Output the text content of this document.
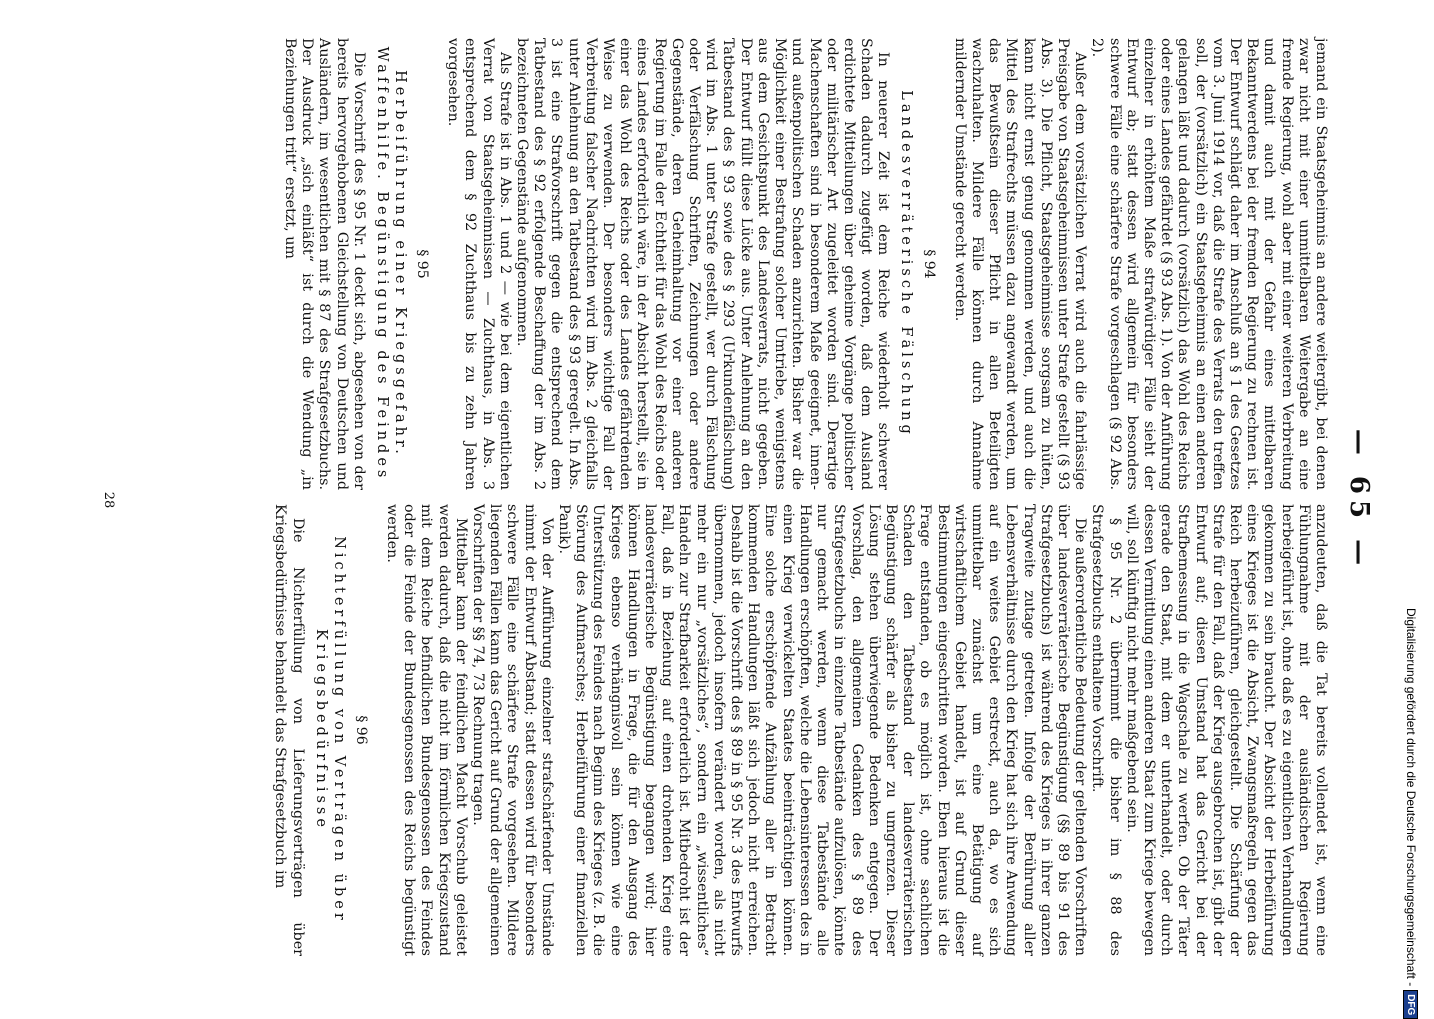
— 65 —

jemand ein Staatsgeheimnis an andere weitergibt, bei denen zwar nicht mit einer unmittelbaren Weitergabe an eine fremde Regierung, wohl aber mit einer weiteren Verbreitung und damit auch mit der Gefahr eines mittelbaren Bekanntwerdens bei der fremden Regierung zu rechnen ist. Der Entwurf schlägt daher im Anschluß an § 1 des Gesetzes vom 3. Juni 1914 vor, daß die Strafe des Verrats den treffen soll, der (vorsätzlich) ein Staatsgeheimnis an einen anderen gelangen läßt und dadurch (vorsätzlich) das Wohl des Reichs oder eines Landes gefährdet (§ 93 Abs. 1). Von der Anführung einzelner in erhöhtem Maße strafwürdiger Fälle sieht der Entwurf ab; statt dessen wird allgemein für besonders schwere Fälle eine schärfere Strafe vorgeschlagen (§ 92 Abs. 2).

Außer dem vorsätzlichen Verrat wird auch die fahrlässige Preisgabe von Staatsgeheimnissen unter Strafe gestellt (§ 93 Abs. 3). Die Pflicht, Staatsgeheimnisse sorgsam zu hüten, kann nicht ernst genug genommen werden, und auch die Mittel des Strafrechts müssen dazu angewandt werden, um das Bewußtsein dieser Pflicht in allen Beteiligten wachzuhalten. Mildere Fälle können durch Annahme mildernder Umstände gerecht werden.

§ 94
Landesverräterische Fälschung

In neuerer Zeit ist dem Reiche wiederholt schwerer Schaden dadurch zugefügt worden, daß dem Ausland erdichtete Mitteilungen über geheime Vorgänge politischer oder militärischer Art zugeleitet worden sind. Derartige Machenschaften sind in besonderem Maße geeignet, innen- und außenpolitischen Schaden anzurichten. Bisher war die Möglichkeit einer Bestrafung solcher Umtriebe, wenigstens aus dem Gesichtspunkt des Landesverrats, nicht gegeben. Der Entwurf füllt diese Lücke aus. Unter Anlehnung an den Tatbestand des § 93 sowie des § 293 (Urkundenfälschung) wird im Abs. 1 unter Strafe gestellt, wer durch Fälschung oder Verfälschung Schriften, Zeichnungen oder andere Gegenstände, deren Geheimhaltung vor einer anderen Regierung im Falle der Echtheit für das Wohl des Reichs oder eines Landes erforderlich wäre, in der Absicht herstellt, sie in einer das Wohl des Reichs oder des Landes gefährdenden Weise zu verwenden. Der besonders wichtige Fall der Verbreitung falscher Nachrichten wird im Abs. 2 gleichfalls unter Anlehnung an den Tatbestand des § 93 geregelt. In Abs. 3 ist eine Strafvorschrift gegen die entsprechend dem Tatbestand des § 92 erfolgende Beschaffung der im Abs. 2 bezeichneten Gegenstände aufgenommen.

Als Strafe ist in Abs. 1 und 2 — wie bei dem eigentlichen Verrat von Staatsgeheimnissen — Zuchthaus, in Abs. 3 entsprechend dem § 92 Zuchthaus bis zu zehn Jahren vorgesehen.

§ 95
Herbeiführung einer Kriegsgefahr. Waffenhilfe. Begünstigung des Feindes

Die Vorschrift des § 95 Nr. 1 deckt sich, abgesehen von der bereits hervorgehobenen Gleichstellung von Deutschen und Ausländern, im wesentlichen mit § 87 des Strafgesetzbuchs. Der Ausdruck „sich einläßt“ ist durch die Wendung „in Beziehungen tritt“ ersetzt, um

anzudeuten, daß die Tat bereits vollendet ist, wenn eine Fühlungnahme mit der ausländischen Regierung herbeigeführt ist, ohne daß es zu eigentlichen Verhandlungen gekommen zu sein braucht. Der Absicht der Herbeiführung eines Krieges ist die Absicht, Zwangsmaßregeln gegen das Reich herbeizuführen, gleichgestellt. Die Schärfung der Strafe für den Fall, daß der Krieg ausgebrochen ist, gibt der Entwurf auf; diesen Umstand hat das Gericht bei der Strafbemessung in die Wagschale zu werfen. Ob der Täter gerade den Staat, mit dem er unterhandelt, oder durch dessen Vermittlung einen anderen Staat zum Kriege bewegen will, soll künftig nicht mehr maßgebend sein.

§ 95 Nr. 2 übernimmt die bisher im § 88 des Strafgesetzbuchs enthaltene Vorschrift.

Die außerordentliche Bedeutung der geltenden Vorschriften über landesverräterische Begünstigung (§§ 89 bis 91 des Strafgesetzbuchs) ist während des Krieges in ihrer ganzen Tragweite zutage getreten. Infolge der Berührung aller Lebensverhältnisse durch den Krieg hat sich ihre Anwendung auf ein weites Gebiet erstreckt, auch da, wo es sich unmittelbar zunächst um eine Betätigung auf wirtschaftlichem Gebiet handelt, ist auf Grund dieser Bestimmungen eingeschritten worden. Eben hieraus ist die Frage entstanden, ob es möglich ist, ohne sachlichen Schaden den Tatbestand der landesverräterischen Begünstigung schärfer als bisher zu umgrenzen. Dieser Lösung stehen überwiegende Bedenken entgegen. Der Vorschlag, den allgemeinen Gedanken des § 89 des Strafgesetzbuchs in einzelne Tatbestände aufzulösen, könnte nur gemacht werden, wenn diese Tatbestände alle Handlungen erschöpften, welche die Lebensinteressen des in einen Krieg verwickelten Staates beeinträchtigen können. Eine solche erschöpfende Aufzählung aller in Betracht kommenden Handlungen läßt sich jedoch nicht erreichen. Deshalb ist die Vorschrift des § 89 in § 95 Nr. 3 des Entwurfs übernommen, jedoch insofern verändert worden, als nicht mehr ein nur „vorsätzliches“, sondern ein „wissentliches“ Handeln zur Strafbarkeit erforderlich ist. Mitbedroht ist der Fall, daß in Beziehung auf einen drohenden Krieg eine landesverräterische Begünstigung begangen wird; hier können Handlungen in Frage, die für den Ausgang des Krieges ebenso verhängnisvoll sein können wie eine Unterstützung des Feindes nach Beginn des Krieges (z. B. die Störung des Aufmarsches; Herbeiführung einer finanziellen Panik).

Von der Aufführung einzelner strafschärfender Umstände nimmt der Entwurf Abstand; statt dessen wird für besonders schwere Fälle eine schärfere Strafe vorgesehen. Mildere liegenden Fällen kann das Gericht auf Grund der allgemeinen Vorschriften der §§ 74, 73 Rechnung tragen.

Mittelbar kann der feindlichen Macht Vorschub geleistet werden dadurch, daß die nicht im förmlichen Kriegszustand mit dem Reiche befindlichen Bundesgenossen des Feindes oder die Feinde der Bundesgenossen des Reichs begünstigt werden.

§ 96
Nichterfüllung von Verträgen über Kriegsbedürfnisse

Die Nichterfüllung von Lieferungsverträgen über Kriegsbedürfnisse behandelt das Strafgesetzbuch im

28
Digitalisierung gefördert durch die Deutsche Forschungsgemeinschaft -
DFG
